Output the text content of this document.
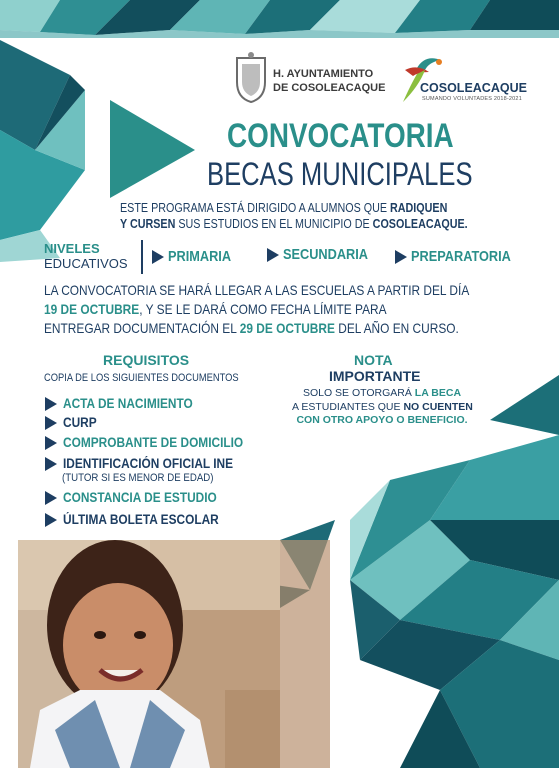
H. AYUNTAMIENTO
DE COSOLEACAQUE	COSOLEACAQUE
SUMANDO VOLUNTADES 2018-2021
CONVOCATORIA
BECAS MUNICIPALES
ESTE PROGRAMA ESTÁ DIRIGIDO A ALUMNOS QUE RADIQUEN
Y CURSEN SUS ESTUDIOS EN EL MUNICIPIO DE COSOLEACAQUE.
NIVELES
EDUCATIVOS	PRIMARIA	SECUNDARIA	PREPARATORIA
LA CONVOCATORIA SE HARÁ LLEGAR A LAS ESCUELAS A PARTIR DEL DÍA
19 DE OCTUBRE, Y SE LE DARÁ COMO FECHA LÍMITE PARA
ENTREGAR DOCUMENTACIÓN EL 29 DE OCTUBRE DEL AÑO EN CURSO.
REQUISITOS
COPIA DE LOS SIGUIENTES DOCUMENTOS
ACTA DE NACIMIENTO
CURP
COMPROBANTE DE DOMICILIO
IDENTIFICACIÓN OFICIAL INE
(TUTOR SI ES MENOR DE EDAD)
CONSTANCIA DE ESTUDIO
ÚLTIMA BOLETA ESCOLAR
NOTA
IMPORTANTE
SOLO SE OTORGARÁ LA BECA
A ESTUDIANTES QUE NO CUENTEN
CON OTRO APOYO O BENEFICIO.
